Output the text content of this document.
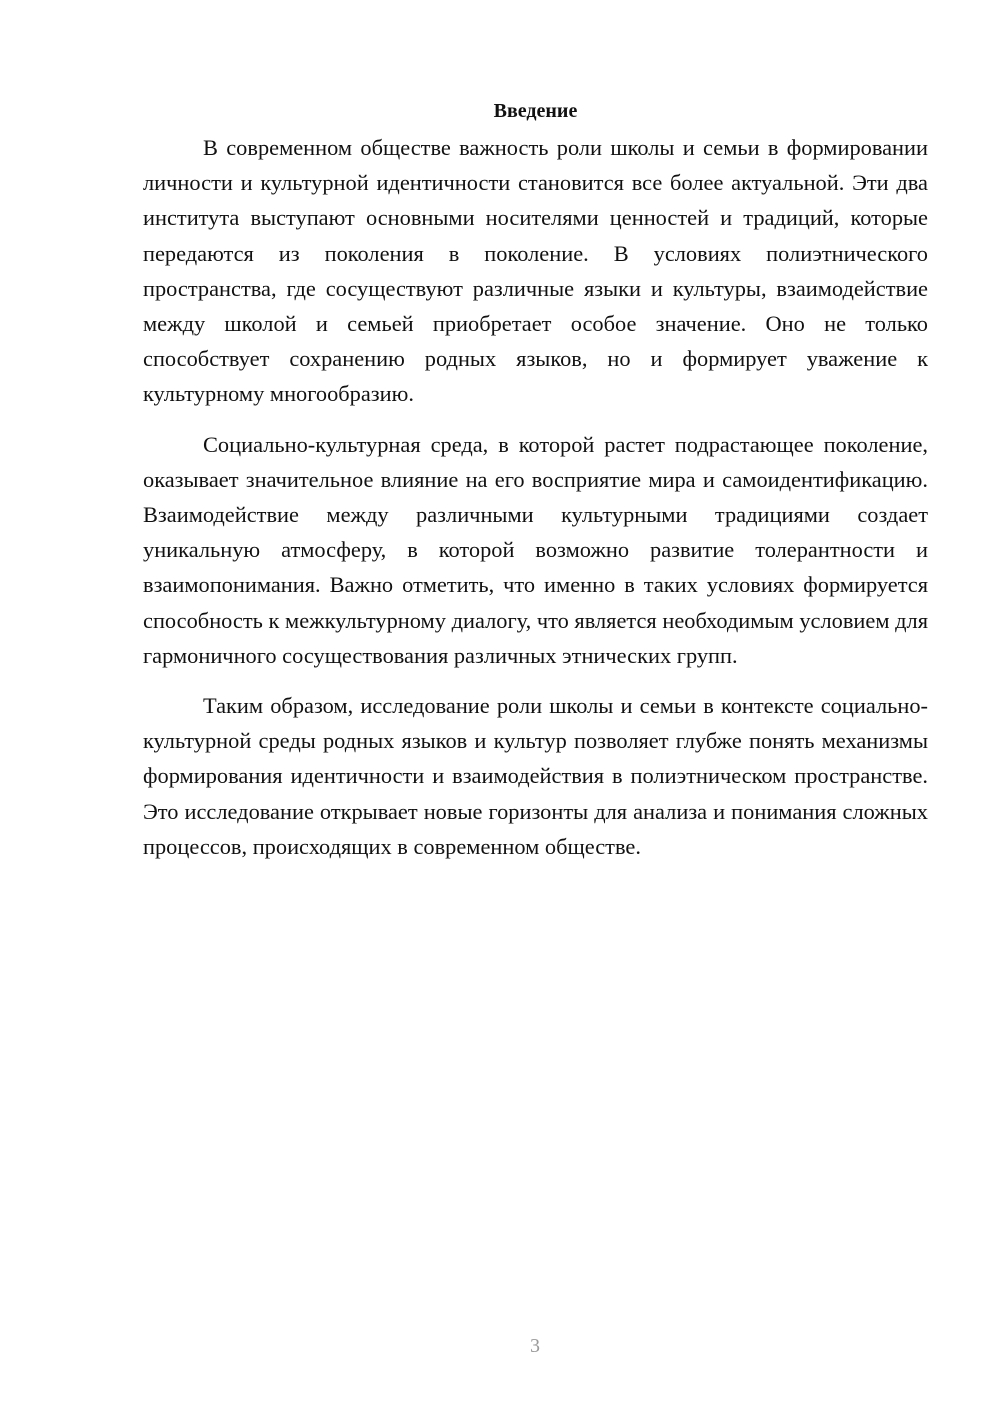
Введение

В современном обществе важность роли школы и семьи в формировании личности и культурной идентичности становится все более актуальной. Эти два института выступают основными носителями ценностей и традиций, которые передаются из поколения в поколение. В условиях полиэтнического пространства, где сосуществуют различные языки и культуры, взаимодействие между школой и семьей приобретает особое значение. Оно не только способствует сохранению родных языков, но и формирует уважение к культурному многообразию.

Социально-культурная среда, в которой растет подрастающее поколение, оказывает значительное влияние на его восприятие мира и самоидентификацию. Взаимодействие между различными культурными традициями создает уникальную атмосферу, в которой возможно развитие толерантности и взаимопонимания. Важно отметить, что именно в таких условиях формируется способность к межкультурному диалогу, что является необходимым условием для гармоничного сосуществования различных этнических групп.

Таким образом, исследование роли школы и семьи в контексте социально-культурной среды родных языков и культур позволяет глубже понять механизмы формирования идентичности и взаимодействия в полиэтническом пространстве. Это исследование открывает новые горизонты для анализа и понимания сложных процессов, происходящих в современном обществе.

3
